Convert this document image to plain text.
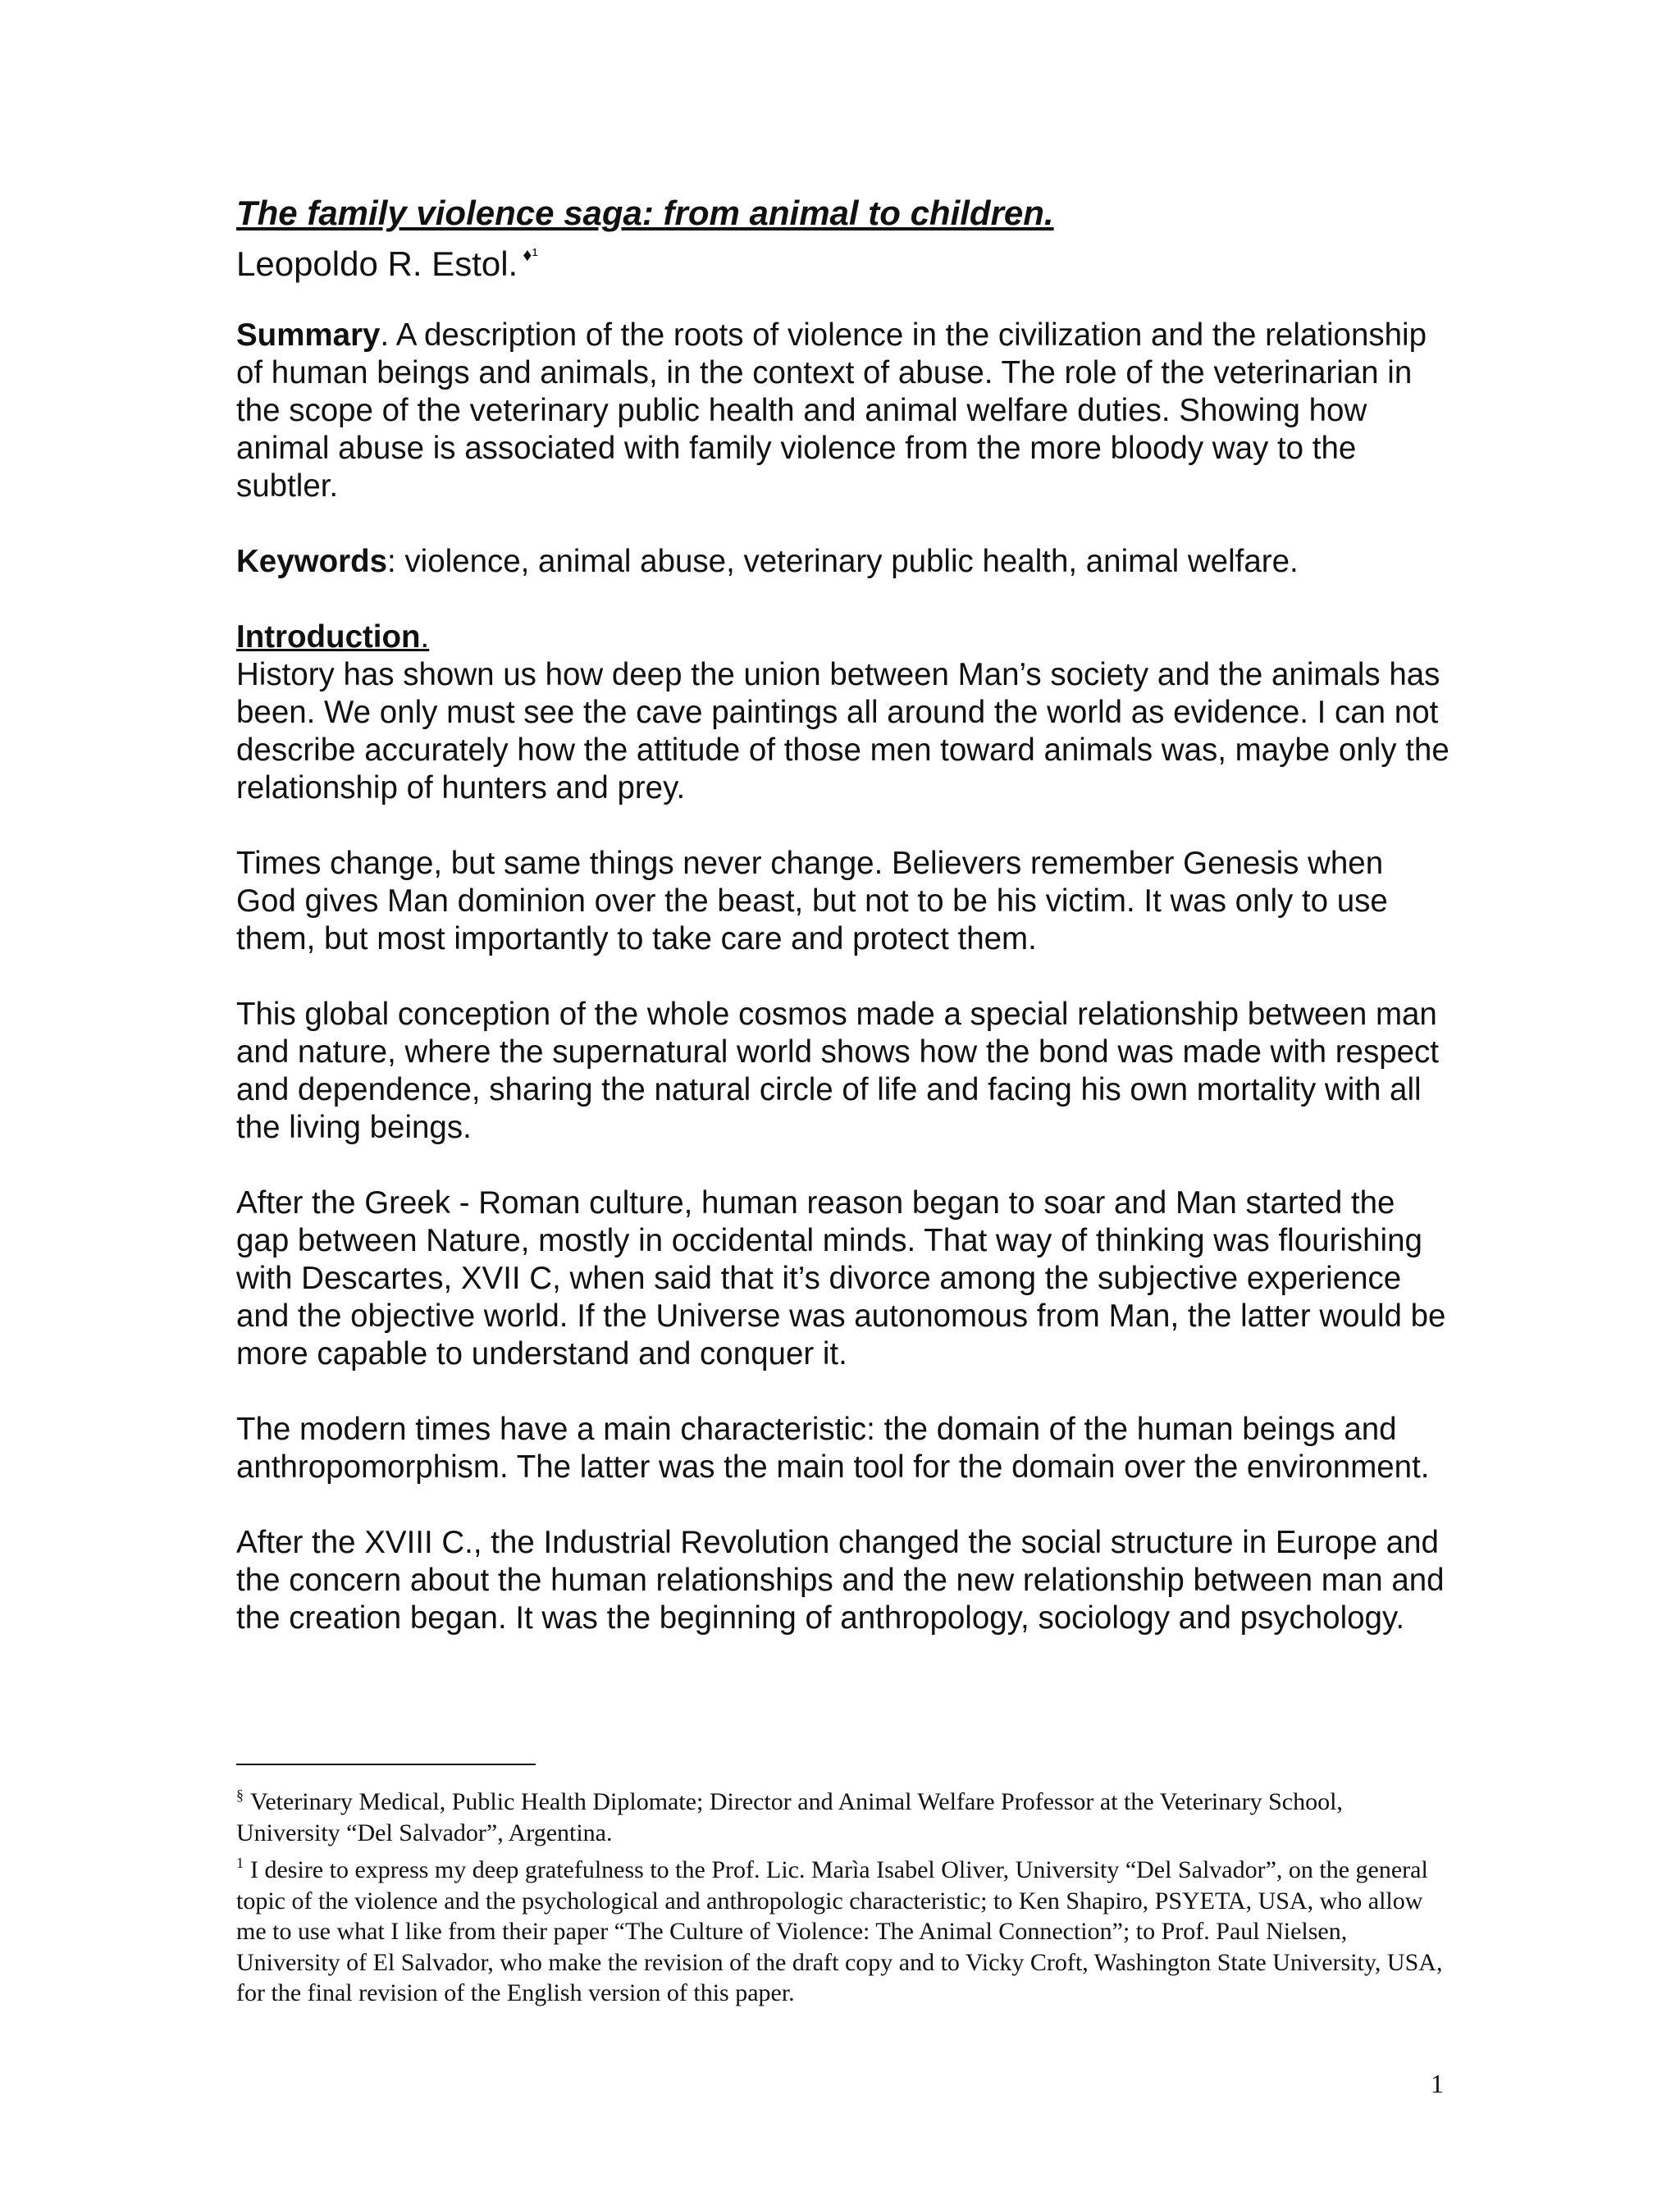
The family violence saga: from animal to children.
Leopoldo R. Estol. $^{♦^1}$

Summary. A description of the roots of violence in the civilization and the relationship of human beings and animals, in the context of abuse. The role of the veterinarian in the scope of the veterinary public health and animal welfare duties. Showing how animal abuse is associated with family violence from the more bloody way to the subtler.

Keywords: violence, animal abuse, veterinary public health, animal welfare.

Introduction.

History has shown us how deep the union between Man’s society and the animals has been. We only must see the cave paintings all around the world as evidence. I can not describe accurately how the attitude of those men toward animals was, maybe only the relationship of hunters and prey.

Times change, but same things never change. Believers remember Genesis when God gives Man dominion over the beast, but not to be his victim. It was only to use them, but most importantly to take care and protect them.

This global conception of the whole cosmos made a special relationship between man and nature, where the supernatural world shows how the bond was made with respect and dependence, sharing the natural circle of life and facing his own mortality with all the living beings.

After the Greek - Roman culture, human reason began to soar and Man started the gap between Nature, mostly in occidental minds. That way of thinking was flourishing with Descartes, XVII C, when said that it’s divorce among the subjective experience and the objective world. If the Universe was autonomous from Man, the latter would be more capable to understand and conquer it.

The modern times have a main characteristic: the domain of the human beings and anthropomorphism. The latter was the main tool for the domain over the environment.

After the XVIII C., the Industrial Revolution changed the social structure in Europe and the concern about the human relationships and the new relationship between man and the creation began. It was the beginning of anthropology, sociology and psychology.

§ Veterinary Medical, Public Health Diplomate; Director and Animal Welfare Professor at the Veterinary School, University “Del Salvador”, Argentina.

$^1$ I desire to express my deep gratefulness to the Prof. Lic. Marìa Isabel Oliver, University “Del Salvador”, on the general topic of the violence and the psychological and anthropologic characteristic; to Ken Shapiro, PSYETA, USA, who allow me to use what I like from their paper “The Culture of Violence: The Animal Connection”; to Prof. Paul Nielsen, University of El Salvador, who make the revision of the draft copy and to Vicky Croft, Washington State University, USA, for the final revision of the English version of this paper.

1
